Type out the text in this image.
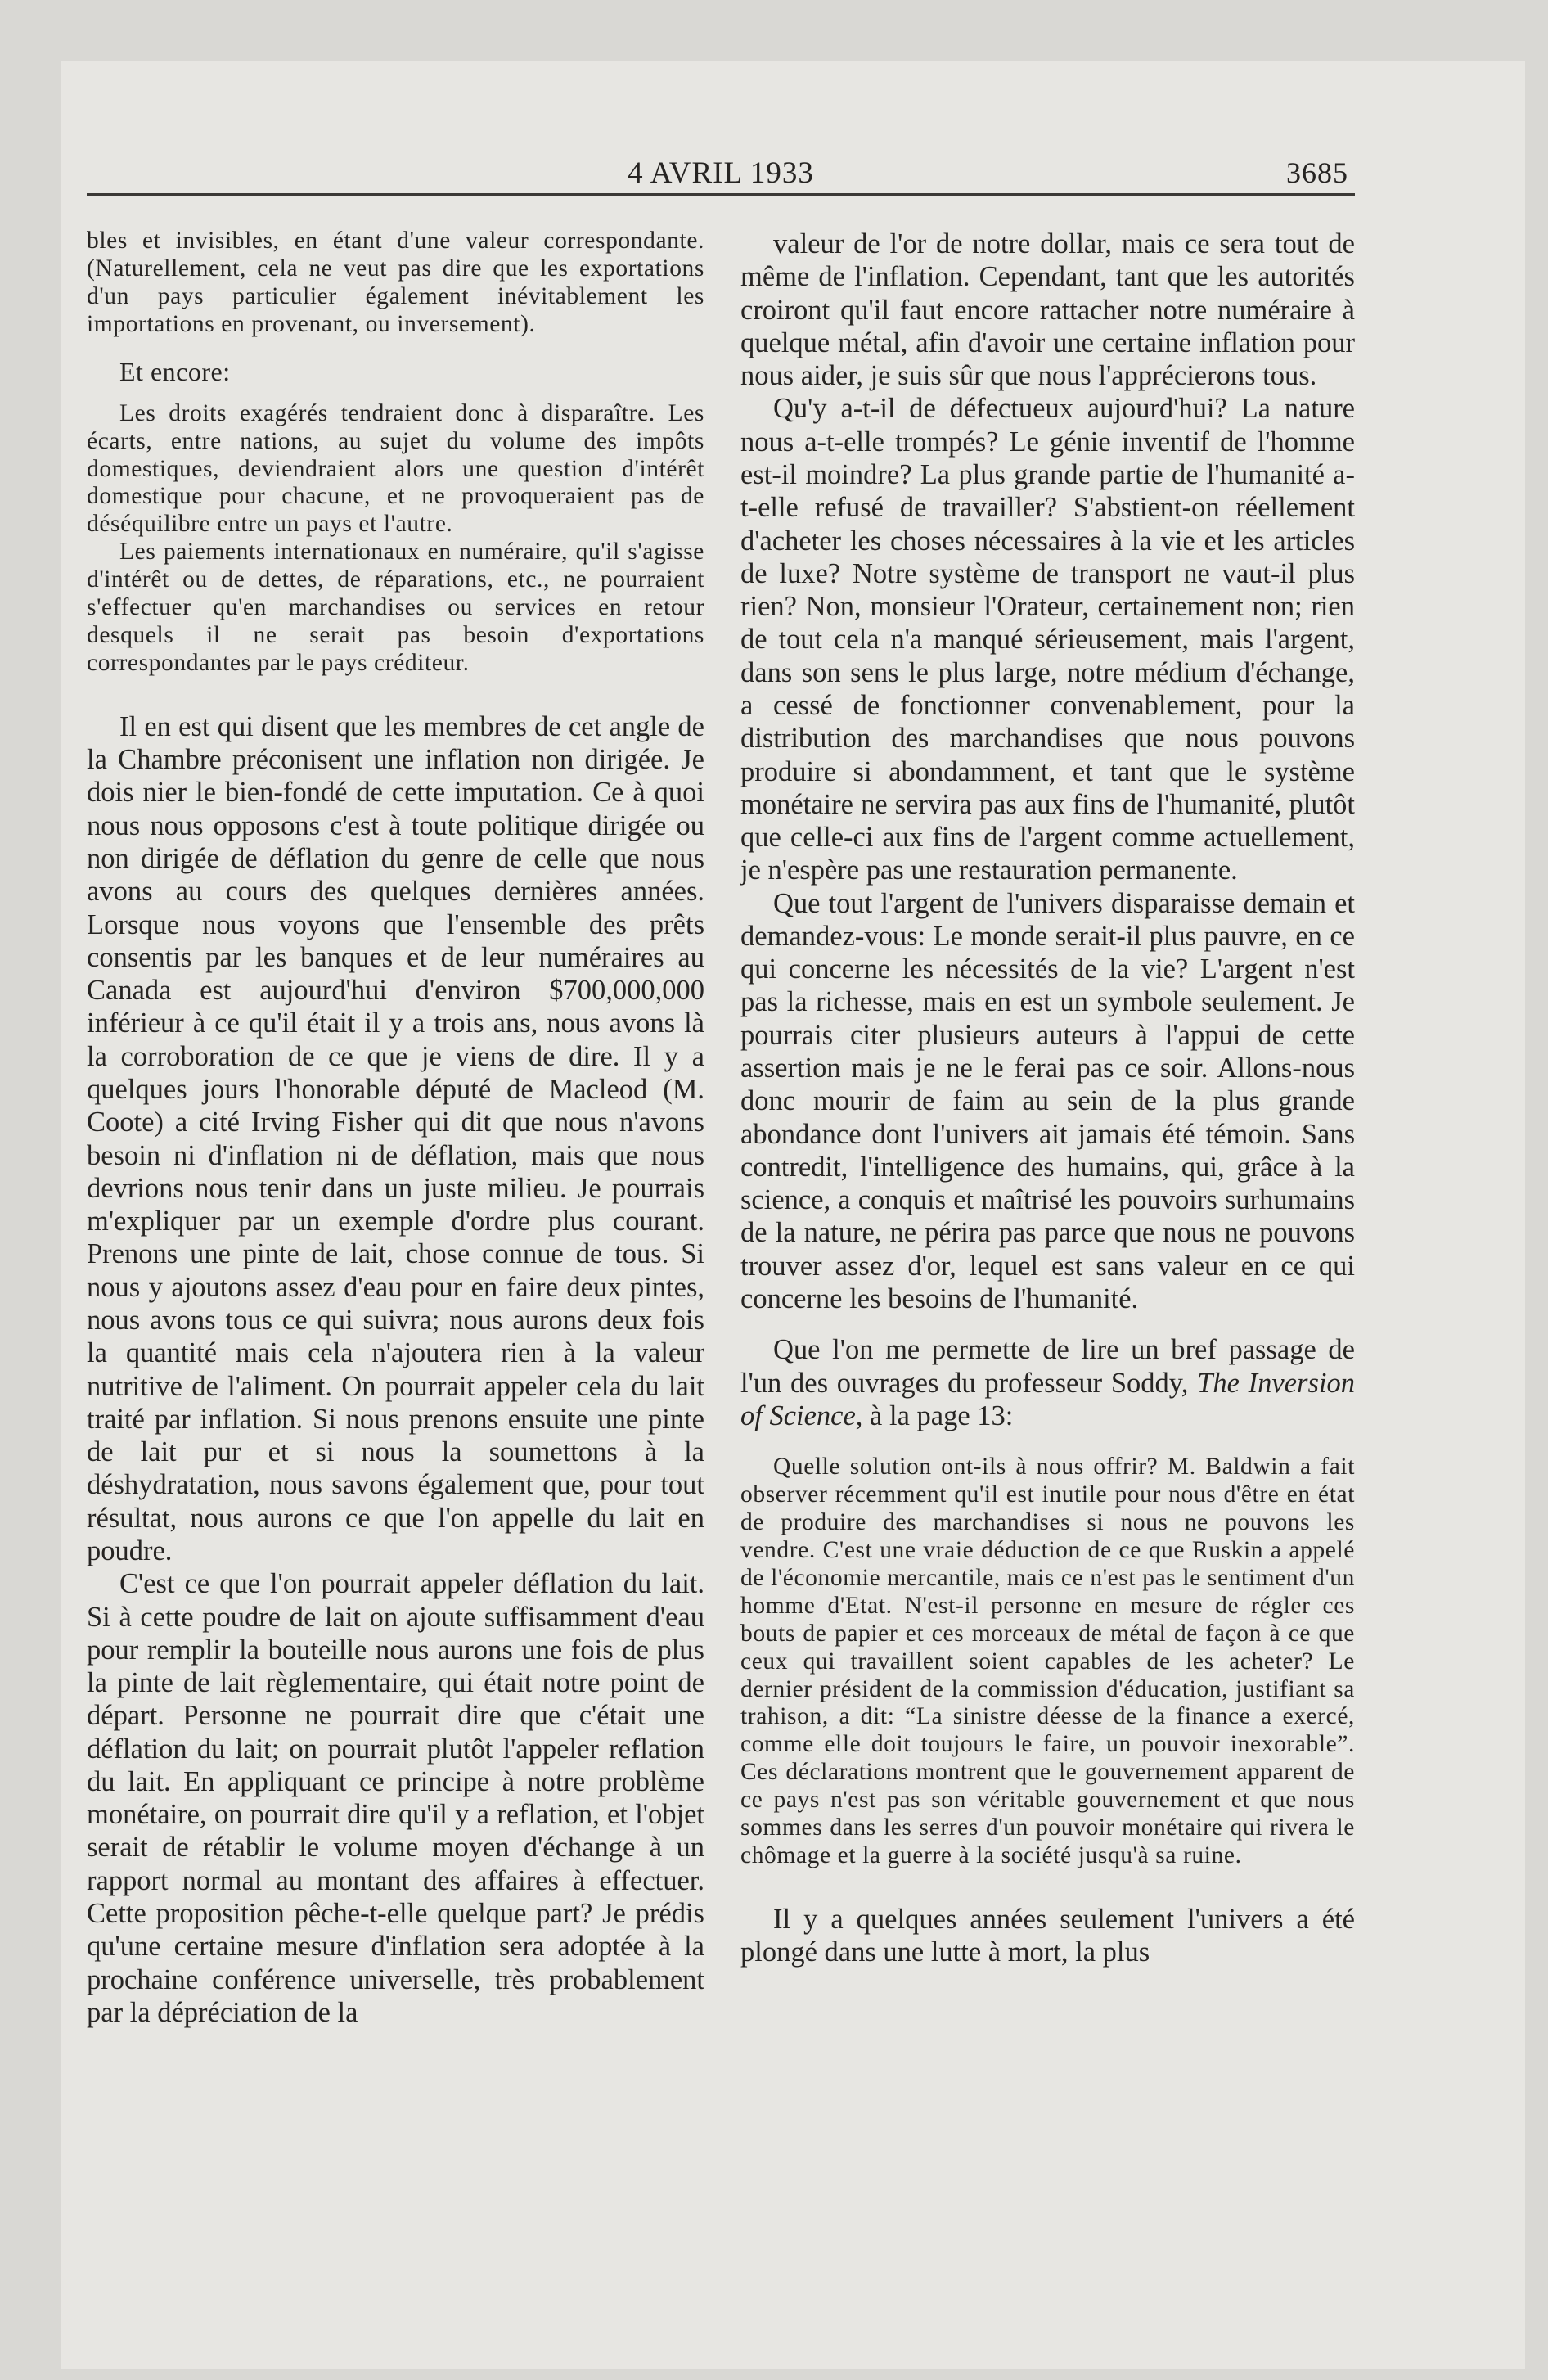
4 AVRIL 1933	3685

bles et invisibles, en étant d'une valeur correspondante. (Naturellement, cela ne veut pas dire que les exportations d'un pays particulier également inévitablement les importations en provenant, ou inversement).

Et encore:

Les droits exagérés tendraient donc à disparaître. Les écarts, entre nations, au sujet du volume des impôts domestiques, deviendraient alors une question d'intérêt domestique pour chacune, et ne provoqueraient pas de déséquilibre entre un pays et l'autre.

Les paiements internationaux en numéraire, qu'il s'agisse d'intérêt ou de dettes, de réparations, etc., ne pourraient s'effectuer qu'en marchandises ou services en retour desquels il ne serait pas besoin d'exportations correspondantes par le pays créditeur.

Il en est qui disent que les membres de cet angle de la Chambre préconisent une inflation non dirigée. Je dois nier le bien-fondé de cette imputation. Ce à quoi nous nous opposons c'est à toute politique dirigée ou non dirigée de déflation du genre de celle que nous avons au cours des quelques dernières années. Lorsque nous voyons que l'ensemble des prêts consentis par les banques et de leur numéraires au Canada est aujourd'hui d'environ $700,000,000 inférieur à ce qu'il était il y a trois ans, nous avons là la corroboration de ce que je viens de dire. Il y a quelques jours l'honorable député de Macleod (M. Coote) a cité Irving Fisher qui dit que nous n'avons besoin ni d'inflation ni de déflation, mais que nous devrions nous tenir dans un juste milieu. Je pourrais m'expliquer par un exemple d'ordre plus courant. Prenons une pinte de lait, chose connue de tous. Si nous y ajoutons assez d'eau pour en faire deux pintes, nous avons tous ce qui suivra; nous aurons deux fois la quantité mais cela n'ajoutera rien à la valeur nutritive de l'aliment. On pourrait appeler cela du lait traité par inflation. Si nous prenons ensuite une pinte de lait pur et si nous la soumettons à la déshydratation, nous savons également que, pour tout résultat, nous aurons ce que l'on appelle du lait en poudre.

C'est ce que l'on pourrait appeler déflation du lait. Si à cette poudre de lait on ajoute suffisamment d'eau pour remplir la bouteille nous aurons une fois de plus la pinte de lait règlementaire, qui était notre point de départ. Personne ne pourrait dire que c'était une déflation du lait; on pourrait plutôt l'appeler reflation du lait. En appliquant ce principe à notre problème monétaire, on pourrait dire qu'il y a reflation, et l'objet serait de rétablir le volume moyen d'échange à un rapport normal au montant des affaires à effectuer. Cette proposition pêche-t-elle quelque part? Je prédis qu'une certaine mesure d'inflation sera adoptée à la prochaine conférence universelle, très probablement par la dépréciation de la

valeur de l'or de notre dollar, mais ce sera tout de même de l'inflation. Cependant, tant que les autorités croiront qu'il faut encore rattacher notre numéraire à quelque métal, afin d'avoir une certaine inflation pour nous aider, je suis sûr que nous l'apprécierons tous.

Qu'y a-t-il de défectueux aujourd'hui? La nature nous a-t-elle trompés? Le génie inventif de l'homme est-il moindre? La plus grande partie de l'humanité a-t-elle refusé de travailler? S'abstient-on réellement d'acheter les choses nécessaires à la vie et les articles de luxe? Notre système de transport ne vaut-il plus rien? Non, monsieur l'Orateur, certainement non; rien de tout cela n'a manqué sérieusement, mais l'argent, dans son sens le plus large, notre médium d'échange, a cessé de fonctionner convenablement, pour la distribution des marchandises que nous pouvons produire si abondamment, et tant que le système monétaire ne servira pas aux fins de l'humanité, plutôt que celle-ci aux fins de l'argent comme actuellement, je n'espère pas une restauration permanente.

Que tout l'argent de l'univers disparaisse demain et demandez-vous: Le monde serait-il plus pauvre, en ce qui concerne les nécessités de la vie? L'argent n'est pas la richesse, mais en est un symbole seulement. Je pourrais citer plusieurs auteurs à l'appui de cette assertion mais je ne le ferai pas ce soir. Allons-nous donc mourir de faim au sein de la plus grande abondance dont l'univers ait jamais été témoin. Sans contredit, l'intelligence des humains, qui, grâce à la science, a conquis et maîtrisé les pouvoirs surhumains de la nature, ne périra pas parce que nous ne pouvons trouver assez d'or, lequel est sans valeur en ce qui concerne les besoins de l'humanité.

Que l'on me permette de lire un bref passage de l'un des ouvrages du professeur Soddy, The Inversion of Science, à la page 13:

Quelle solution ont-ils à nous offrir? M. Baldwin a fait observer récemment qu'il est inutile pour nous d'être en état de produire des marchandises si nous ne pouvons les vendre. C'est une vraie déduction de ce que Ruskin a appelé de l'économie mercantile, mais ce n'est pas le sentiment d'un homme d'Etat. N'est-il personne en mesure de régler ces bouts de papier et ces morceaux de métal de façon à ce que ceux qui travaillent soient capables de les acheter? Le dernier président de la commission d'éducation, justifiant sa trahison, a dit: “La sinistre déesse de la finance a exercé, comme elle doit toujours le faire, un pouvoir inexorable”. Ces déclarations montrent que le gouvernement apparent de ce pays n'est pas son véritable gouvernement et que nous sommes dans les serres d'un pouvoir monétaire qui rivera le chômage et la guerre à la société jusqu'à sa ruine.

Il y a quelques années seulement l'univers a été plongé dans une lutte à mort, la plus
